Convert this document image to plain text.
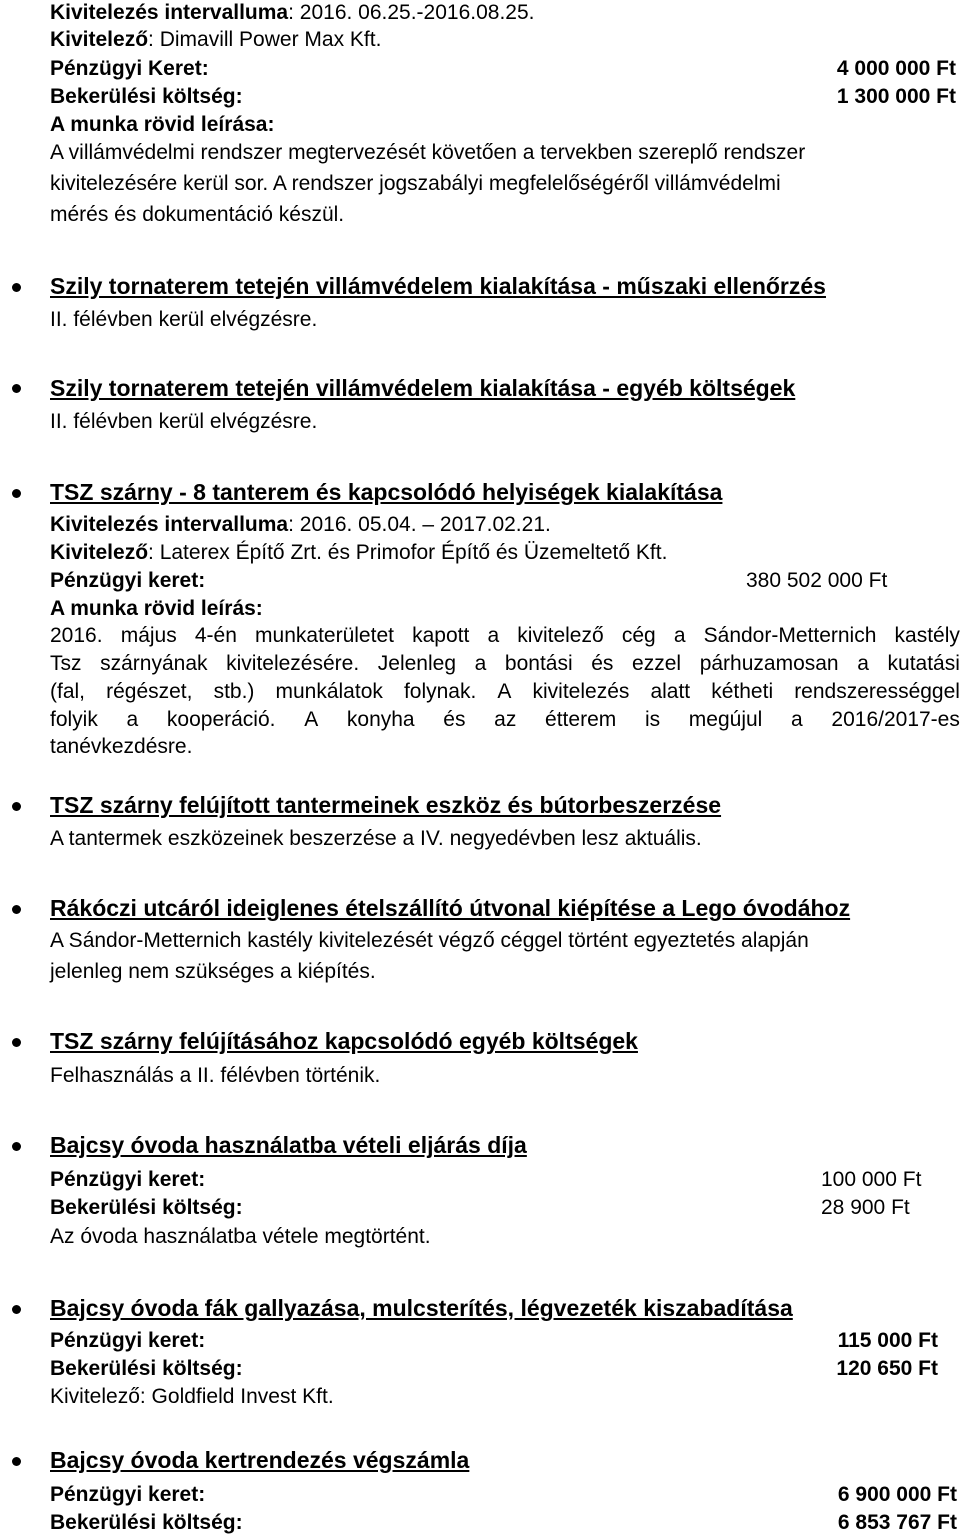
Kivitelezés intervalluma: 2016. 06.25.-2016.08.25.
Kivitelező: Dimavill Power Max Kft.
Pénzügyi Keret:	4 000 000 Ft
Bekerülési költség:	1 300 000 Ft
A munka rövid leírása:
A villámvédelmi rendszer megtervezését követően a tervekben szereplő rendszer
kivitelezésére kerül sor. A rendszer jogszabályi megfelelőségéről villámvédelmi
mérés és dokumentáció készül.
Szily tornaterem tetején villámvédelem kialakítása - műszaki ellenőrzés
II. félévben kerül elvégzésre.
Szily tornaterem tetején villámvédelem kialakítása - egyéb költségek
II. félévben kerül elvégzésre.
TSZ szárny - 8 tanterem és kapcsolódó helyiségek kialakítása
Kivitelezés intervalluma: 2016. 05.04. – 2017.02.21.
Kivitelező: Laterex Építő Zrt. és Primofor Építő és Üzemeltető Kft.
Pénzügyi keret:	380 502 000 Ft
A munka rövid leírás:
2016. május 4-én munkaterületet kapott a kivitelező cég a Sándor-Metternich kastély
Tsz szárnyának kivitelezésére. Jelenleg a bontási és ezzel párhuzamosan a kutatási
(fal, régészet, stb.) munkálatok folynak. A kivitelezés alatt kétheti rendszerességgel
folyik a kooperáció. A konyha és az étterem is megújul a 2016/2017-es
tanévkezdésre.
TSZ szárny felújított tantermeinek eszköz és bútorbeszerzése
A tantermek eszközeinek beszerzése a IV. negyedévben lesz aktuális.
Rákóczi utcáról ideiglenes ételszállító útvonal kiépítése a Lego óvodához
A Sándor-Metternich kastély kivitelezését végző céggel történt egyeztetés alapján
jelenleg nem szükséges a kiépítés.
TSZ szárny felújításához kapcsolódó egyéb költségek
Felhasználás a II. félévben történik.
Bajcsy óvoda használatba vételi eljárás díja
Pénzügyi keret:	100 000 Ft
Bekerülési költség:	28 900 Ft
Az óvoda használatba vétele megtörtént.
Bajcsy óvoda fák gallyazása, mulcsterítés, légvezeték kiszabadítása
Pénzügyi keret:	115 000 Ft
Bekerülési költség:	120 650 Ft
Kivitelező: Goldfield Invest Kft.
Bajcsy óvoda kertrendezés végszámla
Pénzügyi keret:	6 900 000 Ft
Bekerülési költség:	6 853 767 Ft
